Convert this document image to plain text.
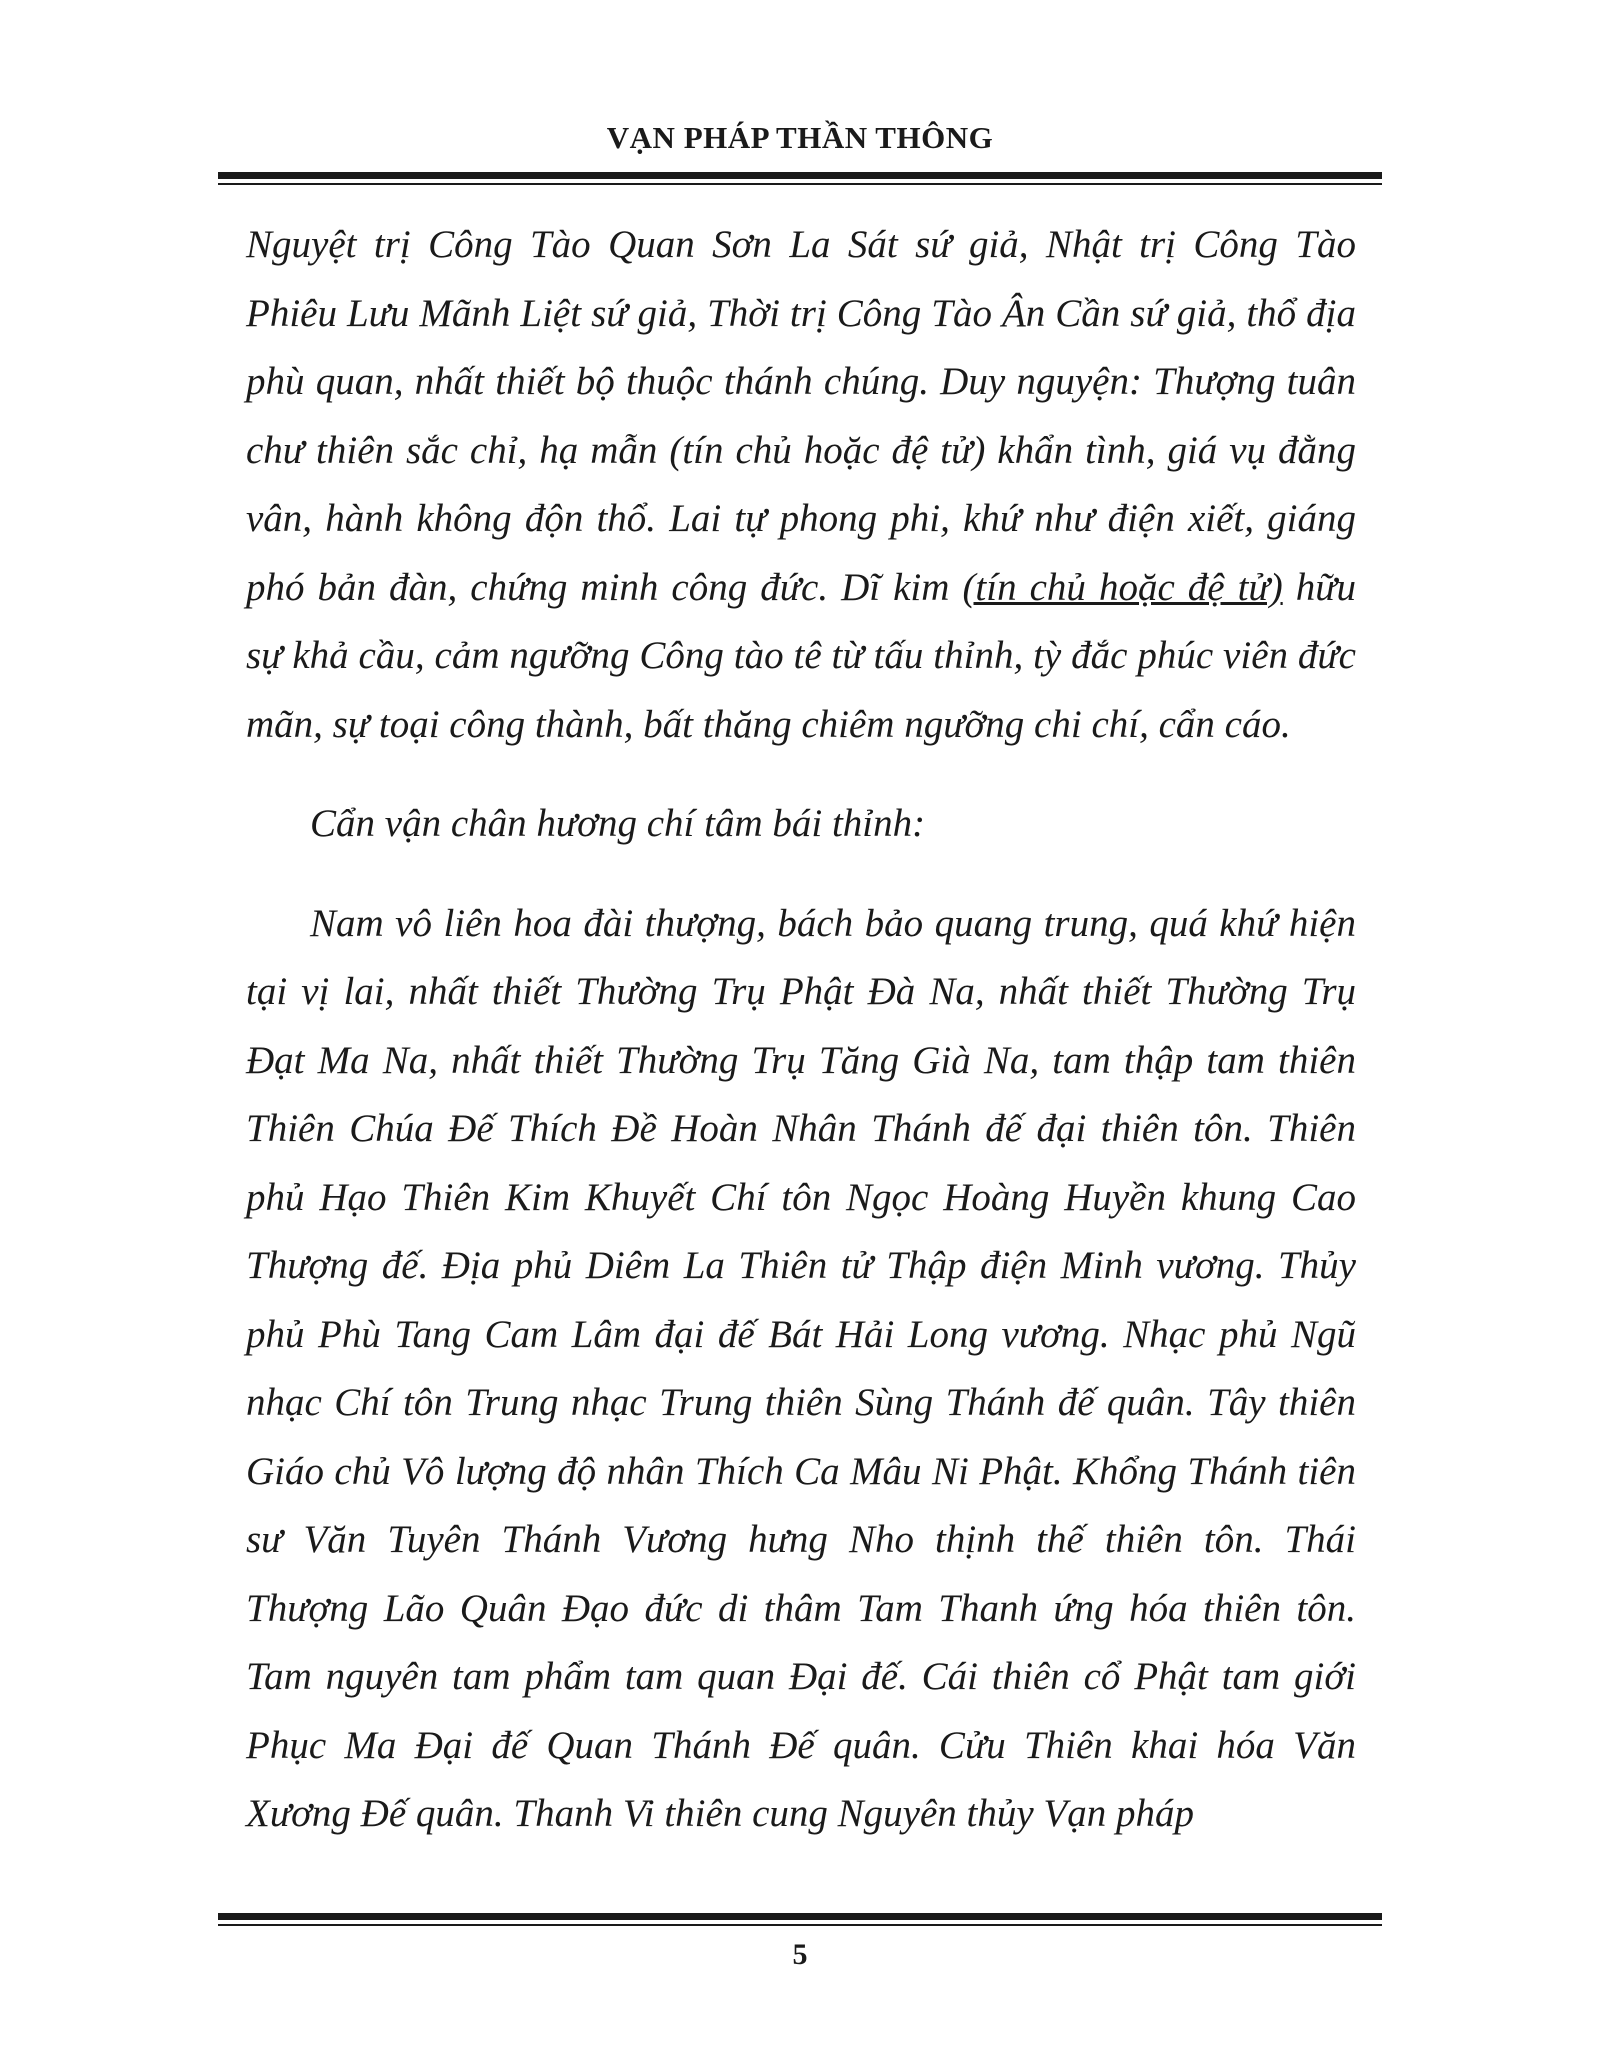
VẠN PHÁP THẦN THÔNG

Nguyệt trị Công Tào Quan Sơn La Sát sứ giả, Nhật trị Công Tào Phiêu Lưu Mãnh Liệt sứ giả, Thời trị Công Tào Ân Cần sứ giả, thổ địa phù quan, nhất thiết bộ thuộc thánh chúng. Duy nguyện: Thượng tuân chư thiên sắc chỉ, hạ mẫn (tín chủ hoặc đệ tử) khẩn tình, giá vụ đằng vân, hành không độn thổ. Lai tự phong phi, khứ như điện xiết, giáng phó bản đàn, chứng minh công đức. Dĩ kim (tín chủ hoặc đệ tử) hữu sự khả cầu, cảm ngưỡng Công tào tê từ tấu thỉnh, tỳ đắc phúc viên đức mãn, sự toại công thành, bất thăng chiêm ngưỡng chi chí, cẩn cáo.

Cẩn vận chân hương chí tâm bái thỉnh:

Nam vô liên hoa đài thượng, bách bảo quang trung, quá khứ hiện tại vị lai, nhất thiết Thường Trụ Phật Đà Na, nhất thiết Thường Trụ Đạt Ma Na, nhất thiết Thường Trụ Tăng Già Na, tam thập tam thiên Thiên Chúa Đế Thích Đề Hoàn Nhân Thánh đế đại thiên tôn. Thiên phủ Hạo Thiên Kim Khuyết Chí tôn Ngọc Hoàng Huyền khung Cao Thượng đế. Địa phủ Diêm La Thiên tử Thập điện Minh vương. Thủy phủ Phù Tang Cam Lâm đại đế Bát Hải Long vương. Nhạc phủ Ngũ nhạc Chí tôn Trung nhạc Trung thiên Sùng Thánh đế quân. Tây thiên Giáo chủ Vô lượng độ nhân Thích Ca Mâu Ni Phật. Khổng Thánh tiên sư Văn Tuyên Thánh Vương hưng Nho thịnh thế thiên tôn. Thái Thượng Lão Quân Đạo đức di thâm Tam Thanh ứng hóa thiên tôn. Tam nguyên tam phẩm tam quan Đại đế. Cái thiên cổ Phật tam giới Phục Ma Đại đế Quan Thánh Đế quân. Cửu Thiên khai hóa Văn Xương Đế quân. Thanh Vi thiên cung Nguyên thủy Vạn pháp

5
